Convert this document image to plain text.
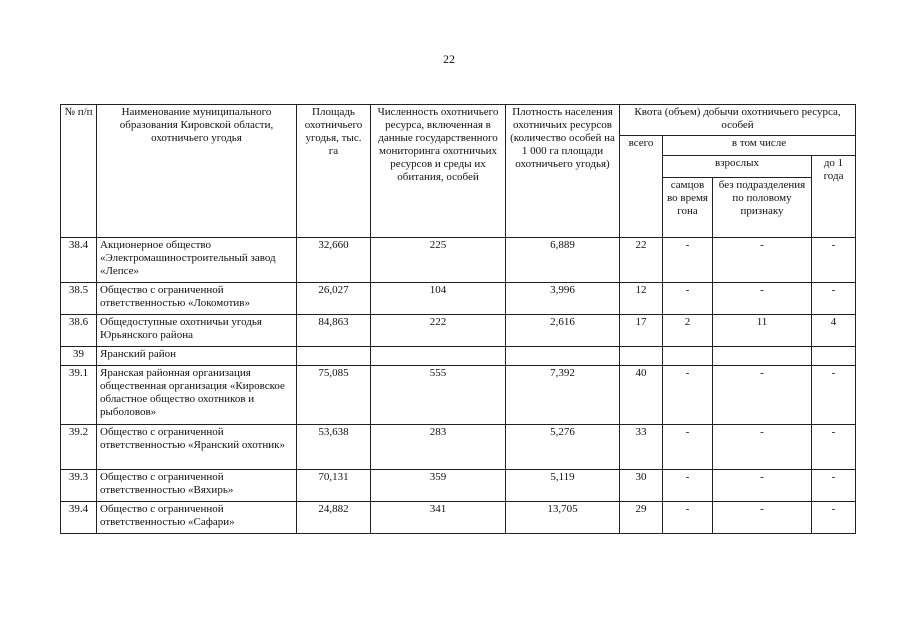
22
№ п/п	Наименование муниципального образования Кировской области, охотничьего угодья	Площадь охотничьего угодья, тыс. га	Численность охотничьего ресурса, включенная в данные государственного мониторинга охотничьих ресурсов и среды их обитания, особей	Плотность населения охотничьих ресурсов (количество особей на 1 000 га площади охотничьего угодья)	Квота (объем) добычи охотничьего ресурса, особей			
					всего	в том числе		
						взрослых		до 1 года
						самцов во время гона	без подразделения по половому признаку	
38.4	Акционерное общество «Электромашиностроительный завод «Лепсе»	32,660	225	6,889	22	-	-	-
38.5	Общество с ограниченной ответственностью «Локомотив»	26,027	104	3,996	12	-	-	-
38.6	Общедоступные охотничьи угодья Юрьянского района	84,863	222	2,616	17	2	11	4
39	Яранский район							
39.1	Яранская районная организация общественная организация «Кировское областное общество охотников и рыболовов»	75,085	555	7,392	40	-	-	-
39.2	Общество с ограниченной ответственностью «Яранский охотник»	53,638	283	5,276	33	-	-	-
39.3	Общество с ограниченной ответственностью «Вяхирь»	70,131	359	5,119	30	-	-	-
39.4	Общество с ограниченной ответственностью «Сафари»	24,882	341	13,705	29	-	-	-
